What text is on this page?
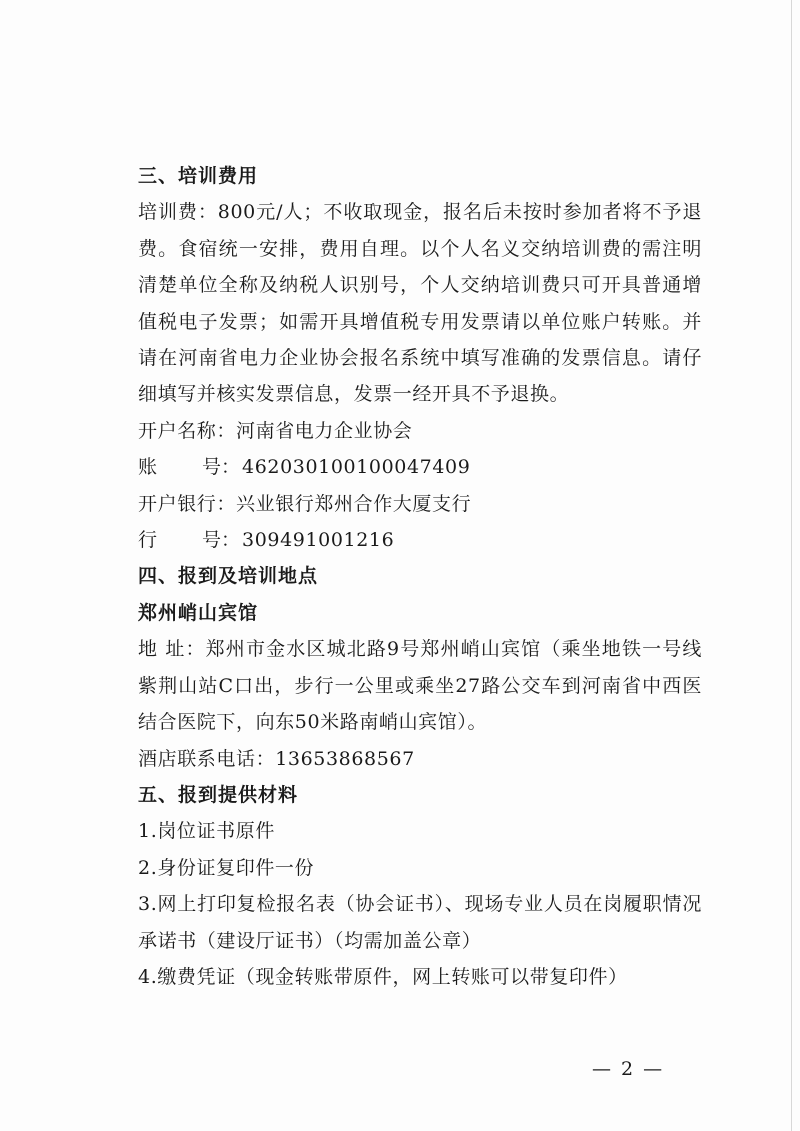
三、培训费用

培训费：800元/人；不收取现金，报名后未按时参加者将不予退费。食宿统一安排，费用自理。以个人名义交纳培训费的需注明清楚单位全称及纳税人识别号，个人交纳培训费只可开具普通增值税电子发票；如需开具增值税专用发票请以单位账户转账。并请在河南省电力企业协会报名系统中填写准确的发票信息。请仔细填写并核实发票信息，发票一经开具不予退换。

开户名称：河南省电力企业协会

账 号： 462030100100047409

开户银行：兴业银行郑州合作大厦支行

行 号： 309491001216

四、报到及培训地点

郑州峭山宾馆

地 址：郑州市金水区城北路9号郑州峭山宾馆（乘坐地铁一号线紫荆山站C口出，步行一公里或乘坐27路公交车到河南省中西医结合医院下，向东50米路南峭山宾馆）。

酒店联系电话：13653868567

五、报到提供材料

1.岗位证书原件

2.身份证复印件一份

3.网上打印复检报名表（协会证书）、现场专业人员在岗履职情况承诺书（建设厅证书）（均需加盖公章）

4.缴费凭证（现金转账带原件，网上转账可以带复印件）

— 2 —
